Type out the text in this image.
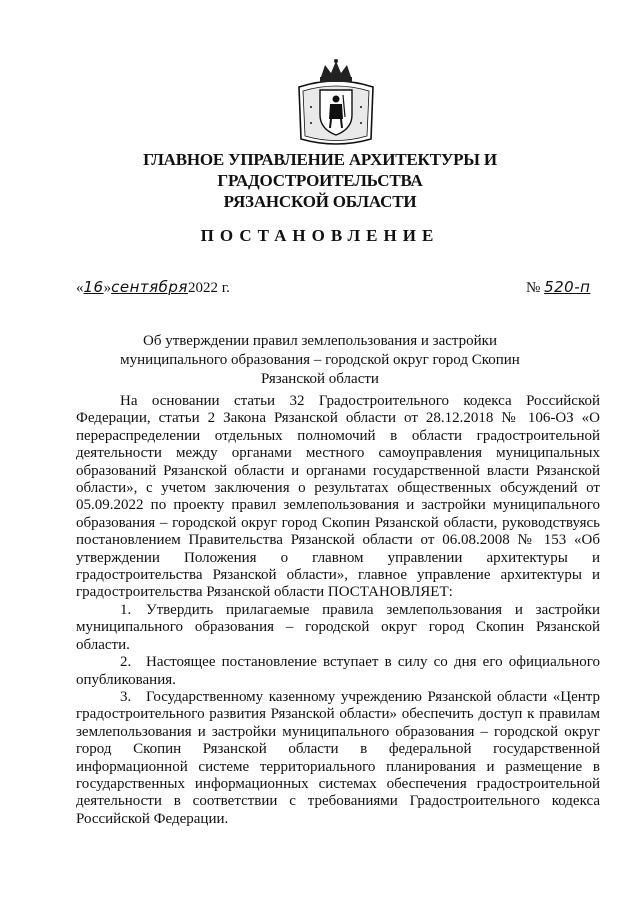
ГЛАВНОЕ УПРАВЛЕНИЕ АРХИТЕКТУРЫ И ГРАДОСТРОИТЕЛЬСТВА
РЯЗАНСКОЙ ОБЛАСТИ
ПОСТАНОВЛЕНИЕ
«16»сентября2022 г.	№ 520-п
Об утверждении правил землепользования и застройки
муниципального образования – городской округ город Скопин
Рязанской области

На основании статьи 32 Градостроительного кодекса Российской Федерации, статьи 2 Закона Рязанской области от 28.12.2018 № 106-ОЗ «О перераспределении отдельных полномочий в области градостроительной деятельности между органами местного самоуправления муниципальных образований Рязанской области и органами государственной власти Рязанской области», с учетом заключения о результатах общественных обсуждений от 05.09.2022 по проекту правил землепользования и застройки муниципального образования – городской округ город Скопин Рязанской области, руководствуясь постановлением Правительства Рязанской области от 06.08.2008 № 153 «Об утверждении Положения о главном управлении архитектуры и градостроительства Рязанской области», главное управление архитектуры и градостроительства Рязанской области ПОСТАНОВЛЯЕТ:

1. Утвердить прилагаемые правила землепользования и застройки муниципального образования – городской округ город Скопин Рязанской области.

2. Настоящее постановление вступает в силу со дня его официального опубликования.

3. Государственному казенному учреждению Рязанской области «Центр градостроительного развития Рязанской области» обеспечить доступ к правилам землепользования и застройки муниципального образования – городской округ город Скопин Рязанской области в федеральной государственной информационной системе территориального планирования и размещение в государственных информационных системах обеспечения градостроительной деятельности в соответствии с требованиями Градостроительного кодекса Российской Федерации.
